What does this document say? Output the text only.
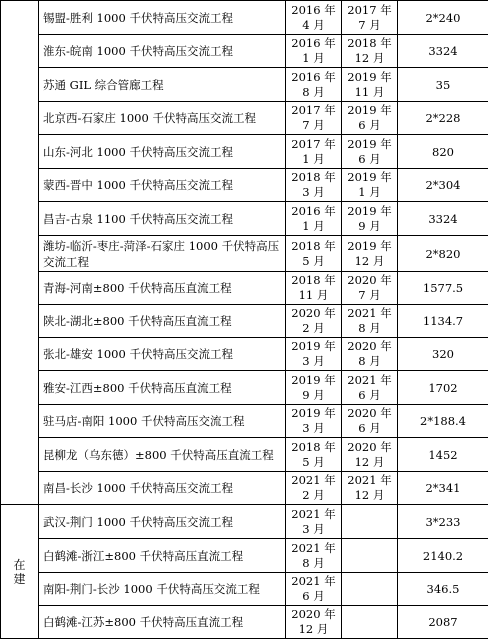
	锡盟-胜利 1000 千伏特高压交流工程	2016 年 4 月	2017 年 7 月	2*240
	淮东-皖南 1000 千伏特高压交流工程	2016 年 1 月	2018 年 12 月	3324
	苏通 GIL 综合管廊工程	2016 年 8 月	2019 年 11 月	35
	北京西-石家庄 1000 千伏特高压交流工程	2017 年 7 月	2019 年 6 月	2*228
	山东-河北 1000 千伏特高压交流工程	2017 年 1 月	2019 年 6 月	820
	蒙西-晋中 1000 千伏特高压交流工程	2018 年 3 月	2019 年 1 月	2*304
	昌吉-古泉 1100 千伏特高压交流工程	2016 年 1 月	2019 年 9 月	3324
	潍坊-临沂-枣庄-菏泽-石家庄 1000 千伏特高压交流工程	2018 年 5 月	2019 年 12 月	2*820
	青海-河南±800 千伏特高压直流工程	2018 年 11 月	2020 年 7 月	1577.5
	陕北-湖北±800 千伏特高压直流工程	2020 年 2 月	2021 年 8 月	1134.7
	张北-雄安 1000 千伏特高压交流工程	2019 年 3 月	2020 年 8 月	320
	雅安-江西±800 千伏特高压直流工程	2019 年 9 月	2021 年 6 月	1702
	驻马店-南阳 1000 千伏特高压交流工程	2019 年 3 月	2020 年 6 月	2*188.4
	昆柳龙（乌东德）±800 千伏特高压直流工程	2018 年 5 月	2020 年 12 月	1452
	南昌-长沙 1000 千伏特高压交流工程	2021 年 2 月	2021 年 12 月	2*341
在建	武汉-荆门 1000 千伏特高压交流工程	2021 年 3 月		3*233
	白鹤滩-浙江±800 千伏特高压直流工程	2021 年 8 月		2140.2
	南阳-荆门-长沙 1000 千伏特高压交流工程	2021 年 6 月		346.5
	白鹤滩-江苏±800 千伏特高压直流工程	2020 年 12 月		2087
